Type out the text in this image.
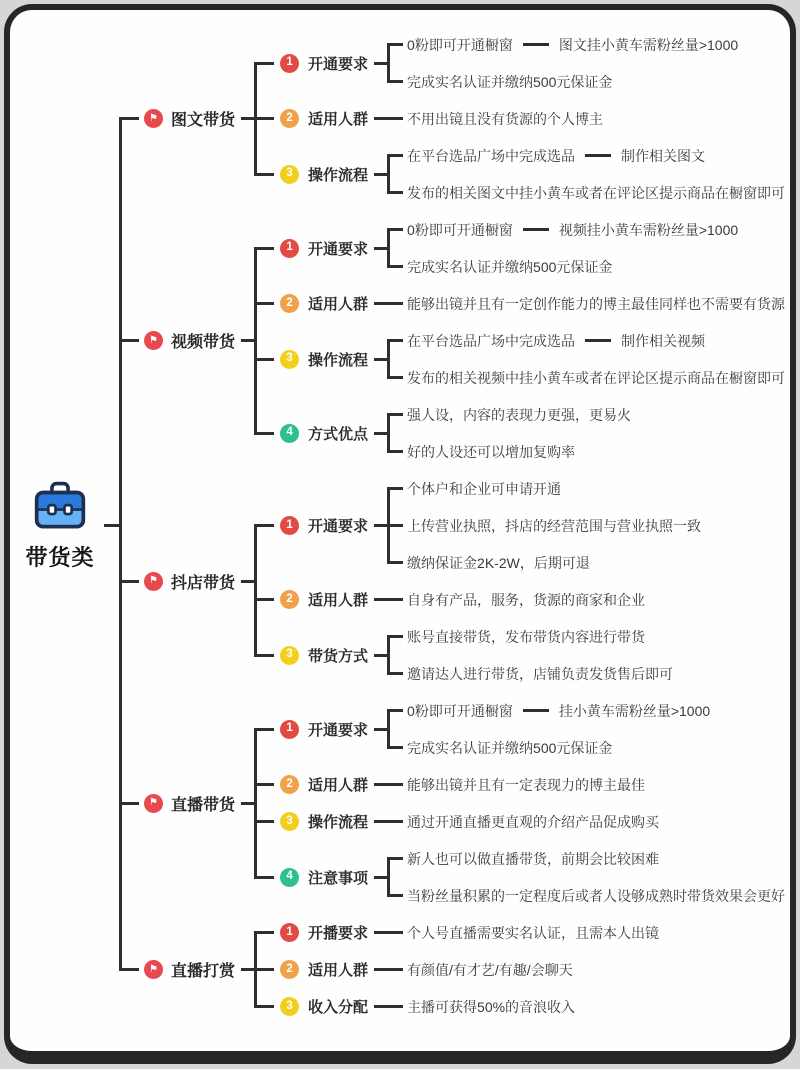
带货类
⚑ 图文带货
1	开通要求
0粉即可开通橱窗	图文挂小黄车需粉丝量>1000
完成实名认证并缴纳500元保证金
2	适用人群	不用出镜且没有货源的个人博主
3	操作流程
在平台选品广场中完成选品	制作相关图文
发布的相关图文中挂小黄车或者在评论区提示商品在橱窗即可
⚑ 视频带货
1	开通要求
0粉即可开通橱窗	视频挂小黄车需粉丝量>1000
完成实名认证并缴纳500元保证金
2	适用人群	能够出镜并且有一定创作能力的博主最佳同样也不需要有货源
3	操作流程
在平台选品广场中完成选品	制作相关视频
发布的相关视频中挂小黄车或者在评论区提示商品在橱窗即可
4	方式优点
强人设，内容的表现力更强，更易火
好的人设还可以增加复购率
⚑ 抖店带货
1	开通要求
个体户和企业可申请开通
上传营业执照，抖店的经营范围与营业执照一致
缴纳保证金2K-2W，后期可退
2	适用人群	自身有产品，服务，货源的商家和企业
3	带货方式
账号直接带货，发布带货内容进行带货
邀请达人进行带货，店铺负责发货售后即可
⚑ 直播带货
1	开通要求
0粉即可开通橱窗	挂小黄车需粉丝量>1000
完成实名认证并缴纳500元保证金
2	适用人群	能够出镜并且有一定表现力的博主最佳
3	操作流程	通过开通直播更直观的介绍产品促成购买
4	注意事项
新人也可以做直播带货，前期会比较困难
当粉丝量积累的一定程度后或者人设够成熟时带货效果会更好
⚑ 直播打赏
1	开播要求	个人号直播需要实名认证，且需本人出镜
2	适用人群	有颜值/有才艺/有趣/会聊天
3	收入分配	主播可获得50%的音浪收入
